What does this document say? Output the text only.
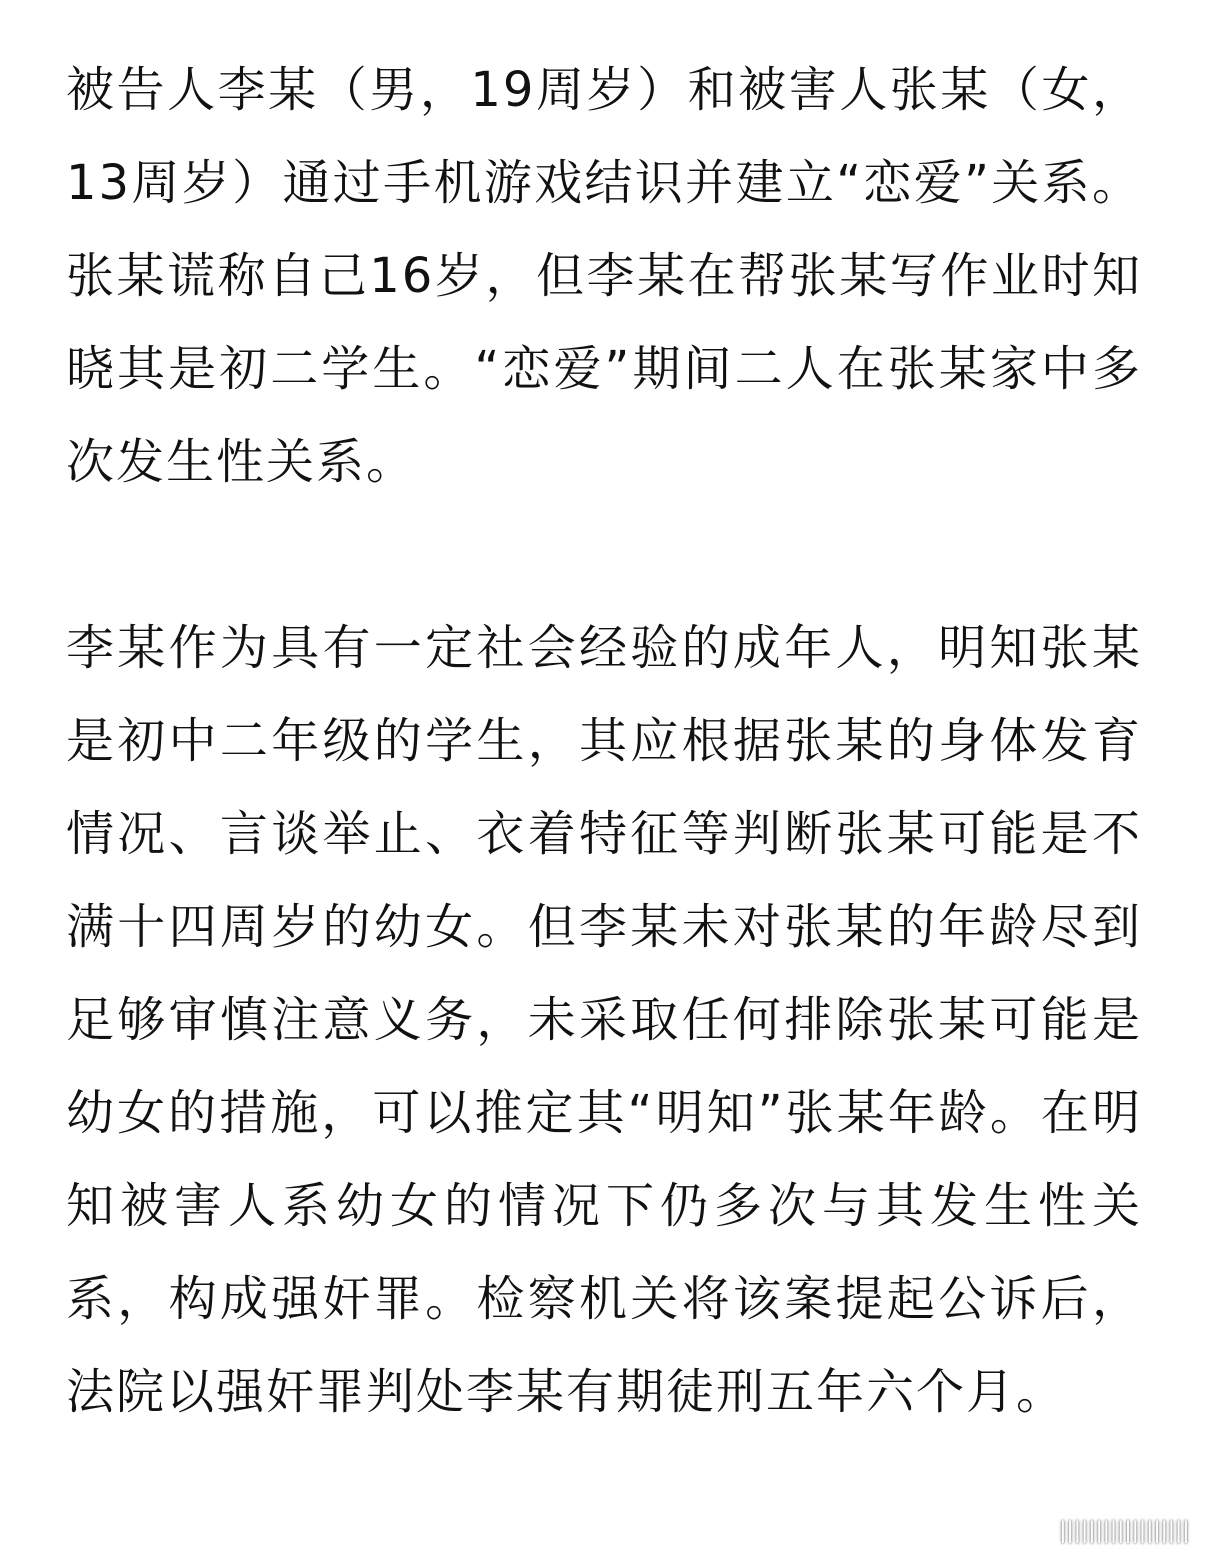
被告人李某（男，19周岁）和被害人张某（女，13周岁）通过手机游戏结识并建立“恋爱”关系。张某谎称自己16岁，但李某在帮张某写作业时知晓其是初二学生。“恋爱”期间二人在张某家中多次发生性关系。

李某作为具有一定社会经验的成年人，明知张某是初中二年级的学生，其应根据张某的身体发育情况、言谈举止、衣着特征等判断张某可能是不满十四周岁的幼女。但李某未对张某的年龄尽到足够审慎注意义务，未采取任何排除张某可能是幼女的措施，可以推定其“明知”张某年龄。在明知被害人系幼女的情况下仍多次与其发生性关系，构成强奸罪。检察机关将该案提起公诉后，法院以强奸罪判处李某有期徒刑五年六个月。

||||||||||||||||||
